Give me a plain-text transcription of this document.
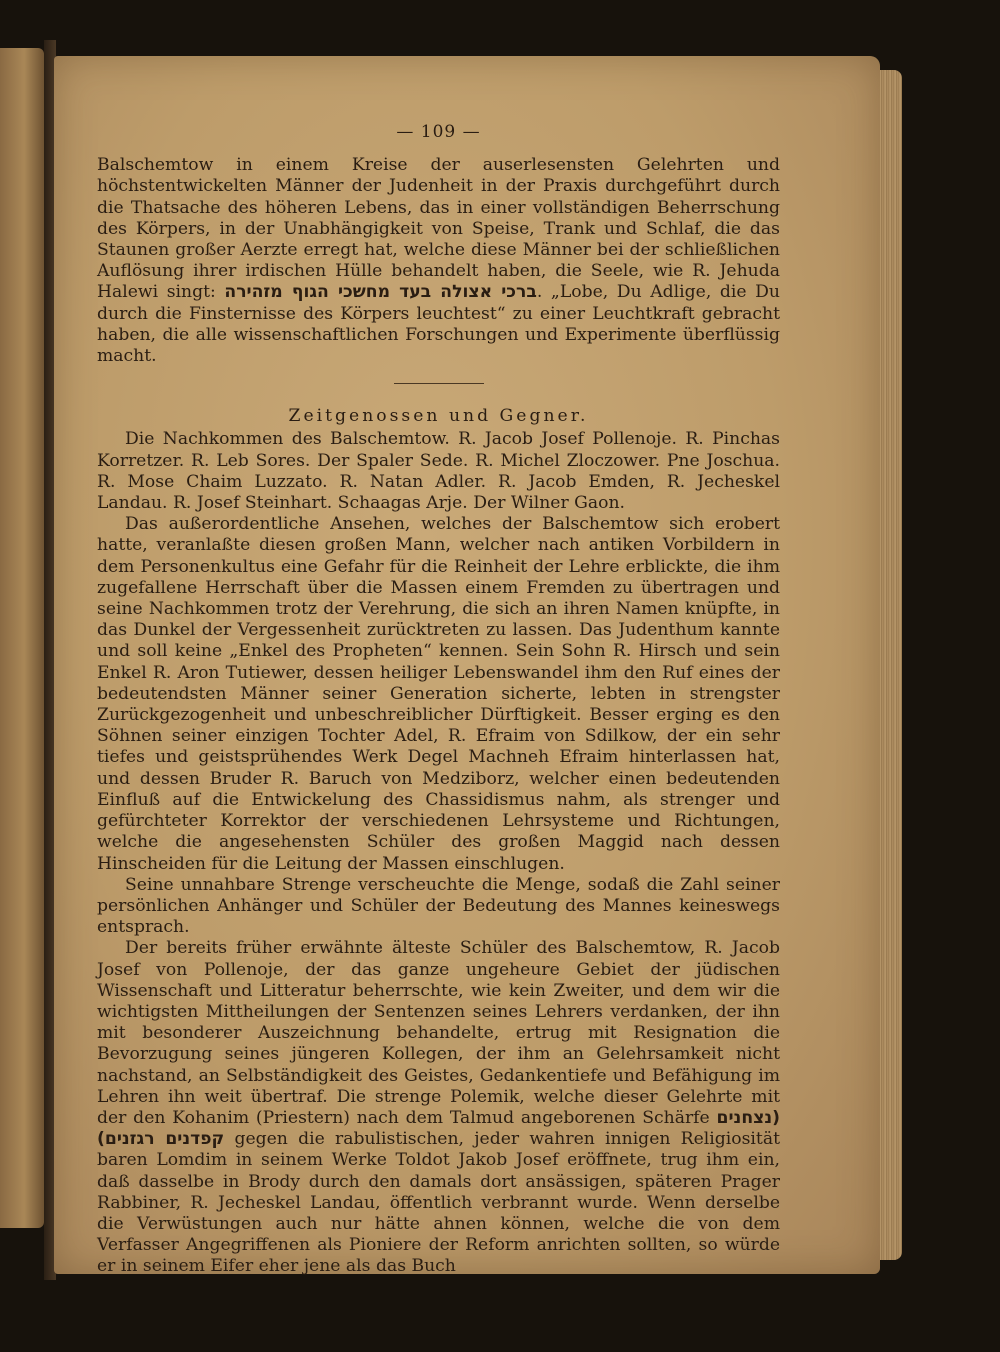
— 109 —

Balschemtow in einem Kreise der auserlesensten Gelehrten und höchstentwickelten Männer der Judenheit in der Praxis durchgeführt durch die Thatsache des höheren Lebens, das in einer vollständigen Beherrschung des Körpers, in der Unabhängigkeit von Speise, Trank und Schlaf, die das Staunen großer Aerzte erregt hat, welche diese Männer bei der schließlichen Auflösung ihrer irdischen Hülle behandelt haben, die Seele, wie R. Jehuda Halewi singt: ברכי אצולה בעד מחשכי הגוף מזהירה. „Lobe, Du Adlige, die Du durch die Finsternisse des Körpers leuchtest“ zu einer Leuchtkraft gebracht haben, die alle wissenschaftlichen Forschungen und Experimente überflüssig macht.

Zeitgenossen und Gegner.

Die Nachkommen des Balschemtow. R. Jacob Josef Pollenoje. R. Pinchas Korretzer. R. Leb Sores. Der Spaler Sede. R. Michel Zloczower. Pne Joschua. R. Mose Chaim Luzzato. R. Natan Adler. R. Jacob Emden, R. Jecheskel Landau. R. Josef Steinhart. Schaagas Arje. Der Wilner Gaon.

Das außerordentliche Ansehen, welches der Balschemtow sich erobert hatte, veranlaßte diesen großen Mann, welcher nach antiken Vorbildern in dem Personenkultus eine Gefahr für die Reinheit der Lehre erblickte, die ihm zugefallene Herrschaft über die Massen einem Fremden zu übertragen und seine Nachkommen trotz der Verehrung, die sich an ihren Namen knüpfte, in das Dunkel der Vergessenheit zurücktreten zu lassen. Das Judenthum kannte und soll keine „Enkel des Propheten“ kennen. Sein Sohn R. Hirsch und sein Enkel R. Aron Tutiewer, dessen heiliger Lebenswandel ihm den Ruf eines der bedeutendsten Männer seiner Generation sicherte, lebten in strengster Zurückgezogenheit und unbeschreiblicher Dürftigkeit. Besser erging es den Söhnen seiner einzigen Tochter Adel, R. Efraim von Sdilkow, der ein sehr tiefes und geistsprühendes Werk Degel Machneh Efraim hinterlassen hat, und dessen Bruder R. Baruch von Medziborz, welcher einen bedeutenden Einfluß auf die Entwickelung des Chassidismus nahm, als strenger und gefürchteter Korrektor der verschiedenen Lehrsysteme und Richtungen, welche die angesehensten Schüler des großen Maggid nach dessen Hinscheiden für die Leitung der Massen einschlugen.

Seine unnahbare Strenge verscheuchte die Menge, sodaß die Zahl seiner persönlichen Anhänger und Schüler der Bedeutung des Mannes keineswegs entsprach.

Der bereits früher erwähnte älteste Schüler des Balschemtow, R. Jacob Josef von Pollenoje, der das ganze ungeheure Gebiet der jüdischen Wissenschaft und Litteratur beherrschte, wie kein Zweiter, und dem wir die wichtigsten Mittheilungen der Sentenzen seines Lehrers verdanken, der ihn mit besonderer Auszeichnung behandelte, ertrug mit Resignation die Bevorzugung seines jüngeren Kollegen, der ihm an Gelehrsamkeit nicht nachstand, an Selbständigkeit des Geistes, Gedankentiefe und Befähigung im Lehren ihn weit übertraf. Die strenge Polemik, welche dieser Gelehrte mit der den Kohanim (Priestern) nach dem Talmud angeborenen Schärfe (נצחנים קפדנים רגזנים) gegen die rabulistischen, jeder wahren innigen Religiosität baren Lomdim in seinem Werke Toldot Jakob Josef eröffnete, trug ihm ein, daß dasselbe in Brody durch den damals dort ansässigen, späteren Prager Rabbiner, R. Jecheskel Landau, öffentlich verbrannt wurde. Wenn derselbe die Verwüstungen auch nur hätte ahnen können, welche die von dem Verfasser Angegriffenen als Pioniere der Reform anrichten sollten, so würde er in seinem Eifer eher jene als das Buch
